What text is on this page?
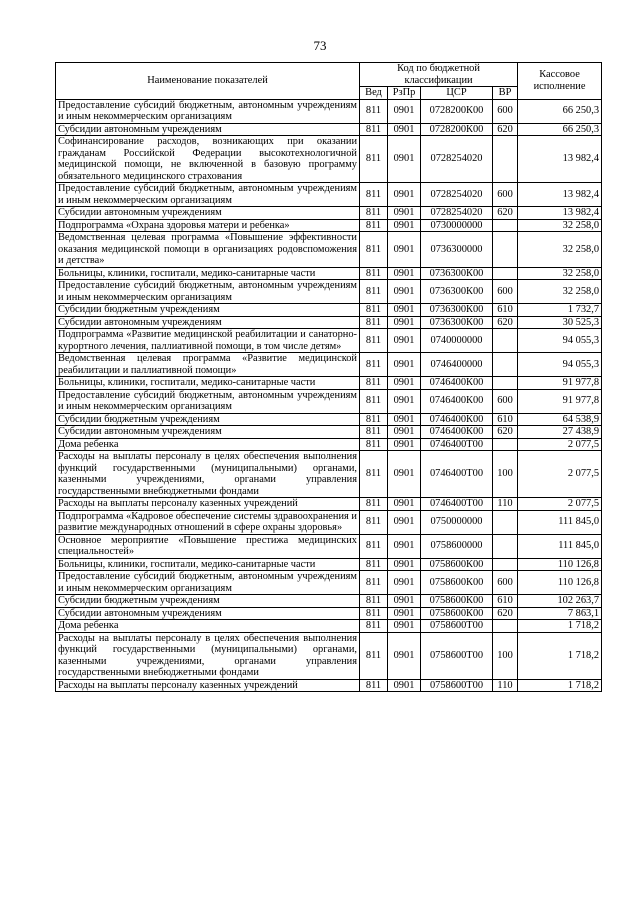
73
Наименование показателей	Код по бюджетной классификации				Кассовое исполнение
	Вед	РзПр	ЦСР	ВР	
Предоставление субсидий бюджетным, автономным учреждениям и иным некоммерческим организациям	811	0901	0728200К00	600	66 250,3
Субсидии автономным учреждениям	811	0901	0728200К00	620	66 250,3
Софинансирование расходов, возникающих при оказании гражданам Российской Федерации высокотехнологичной медицинской помощи, не включенной в базовую программу обязательного медицинского страхования	811	0901	0728254020		13 982,4
Предоставление субсидий бюджетным, автономным учреждениям и иным некоммерческим организациям	811	0901	0728254020	600	13 982,4
Субсидии автономным учреждениям	811	0901	0728254020	620	13 982,4
Подпрограмма «Охрана здоровья матери и ребенка»	811	0901	0730000000		32 258,0
Ведомственная целевая программа «Повышение эффективности оказания медицинской помощи в организациях родовспоможения и детства»	811	0901	0736300000		32 258,0
Больницы, клиники, госпитали, медико-санитарные части	811	0901	0736300К00		32 258,0
Предоставление субсидий бюджетным, автономным учреждениям и иным некоммерческим организациям	811	0901	0736300К00	600	32 258,0
Субсидии бюджетным учреждениям	811	0901	0736300К00	610	1 732,7
Субсидии автономным учреждениям	811	0901	0736300К00	620	30 525,3
Подпрограмма «Развитие медицинской реабилитации и санаторно-курортного лечения, паллиативной помощи, в том числе детям»	811	0901	0740000000		94 055,3
Ведомственная целевая программа «Развитие медицинской реабилитации и паллиативной помощи»	811	0901	0746400000		94 055,3
Больницы, клиники, госпитали, медико-санитарные части	811	0901	0746400К00		91 977,8
Предоставление субсидий бюджетным, автономным учреждениям и иным некоммерческим организациям	811	0901	0746400К00	600	91 977,8
Субсидии бюджетным учреждениям	811	0901	0746400К00	610	64 538,9
Субсидии автономным учреждениям	811	0901	0746400К00	620	27 438,9
Дома ребенка	811	0901	0746400Т00		2 077,5
Расходы на выплаты персоналу в целях обеспечения выполнения функций государственными (муниципальными) органами, казенными учреждениями, органами управления государственными внебюджетными фондами	811	0901	0746400Т00	100	2 077,5
Расходы на выплаты персоналу казенных учреждений	811	0901	0746400Т00	110	2 077,5
Подпрограмма «Кадровое обеспечение системы здравоохранения и развитие международных отношений в сфере охраны здоровья»	811	0901	0750000000		111 845,0
Основное мероприятие «Повышение престижа медицинских специальностей»	811	0901	0758600000		111 845,0
Больницы, клиники, госпитали, медико-санитарные части	811	0901	0758600К00		110 126,8
Предоставление субсидий бюджетным, автономным учреждениям и иным некоммерческим организациям	811	0901	0758600К00	600	110 126,8
Субсидии бюджетным учреждениям	811	0901	0758600К00	610	102 263,7
Субсидии автономным учреждениям	811	0901	0758600К00	620	7 863,1
Дома ребенка	811	0901	0758600Т00		1 718,2
Расходы на выплаты персоналу в целях обеспечения выполнения функций государственными (муниципальными) органами, казенными учреждениями, органами управления государственными внебюджетными фондами	811	0901	0758600Т00	100	1 718,2
Расходы на выплаты персоналу казенных учреждений	811	0901	0758600Т00	110	1 718,2
